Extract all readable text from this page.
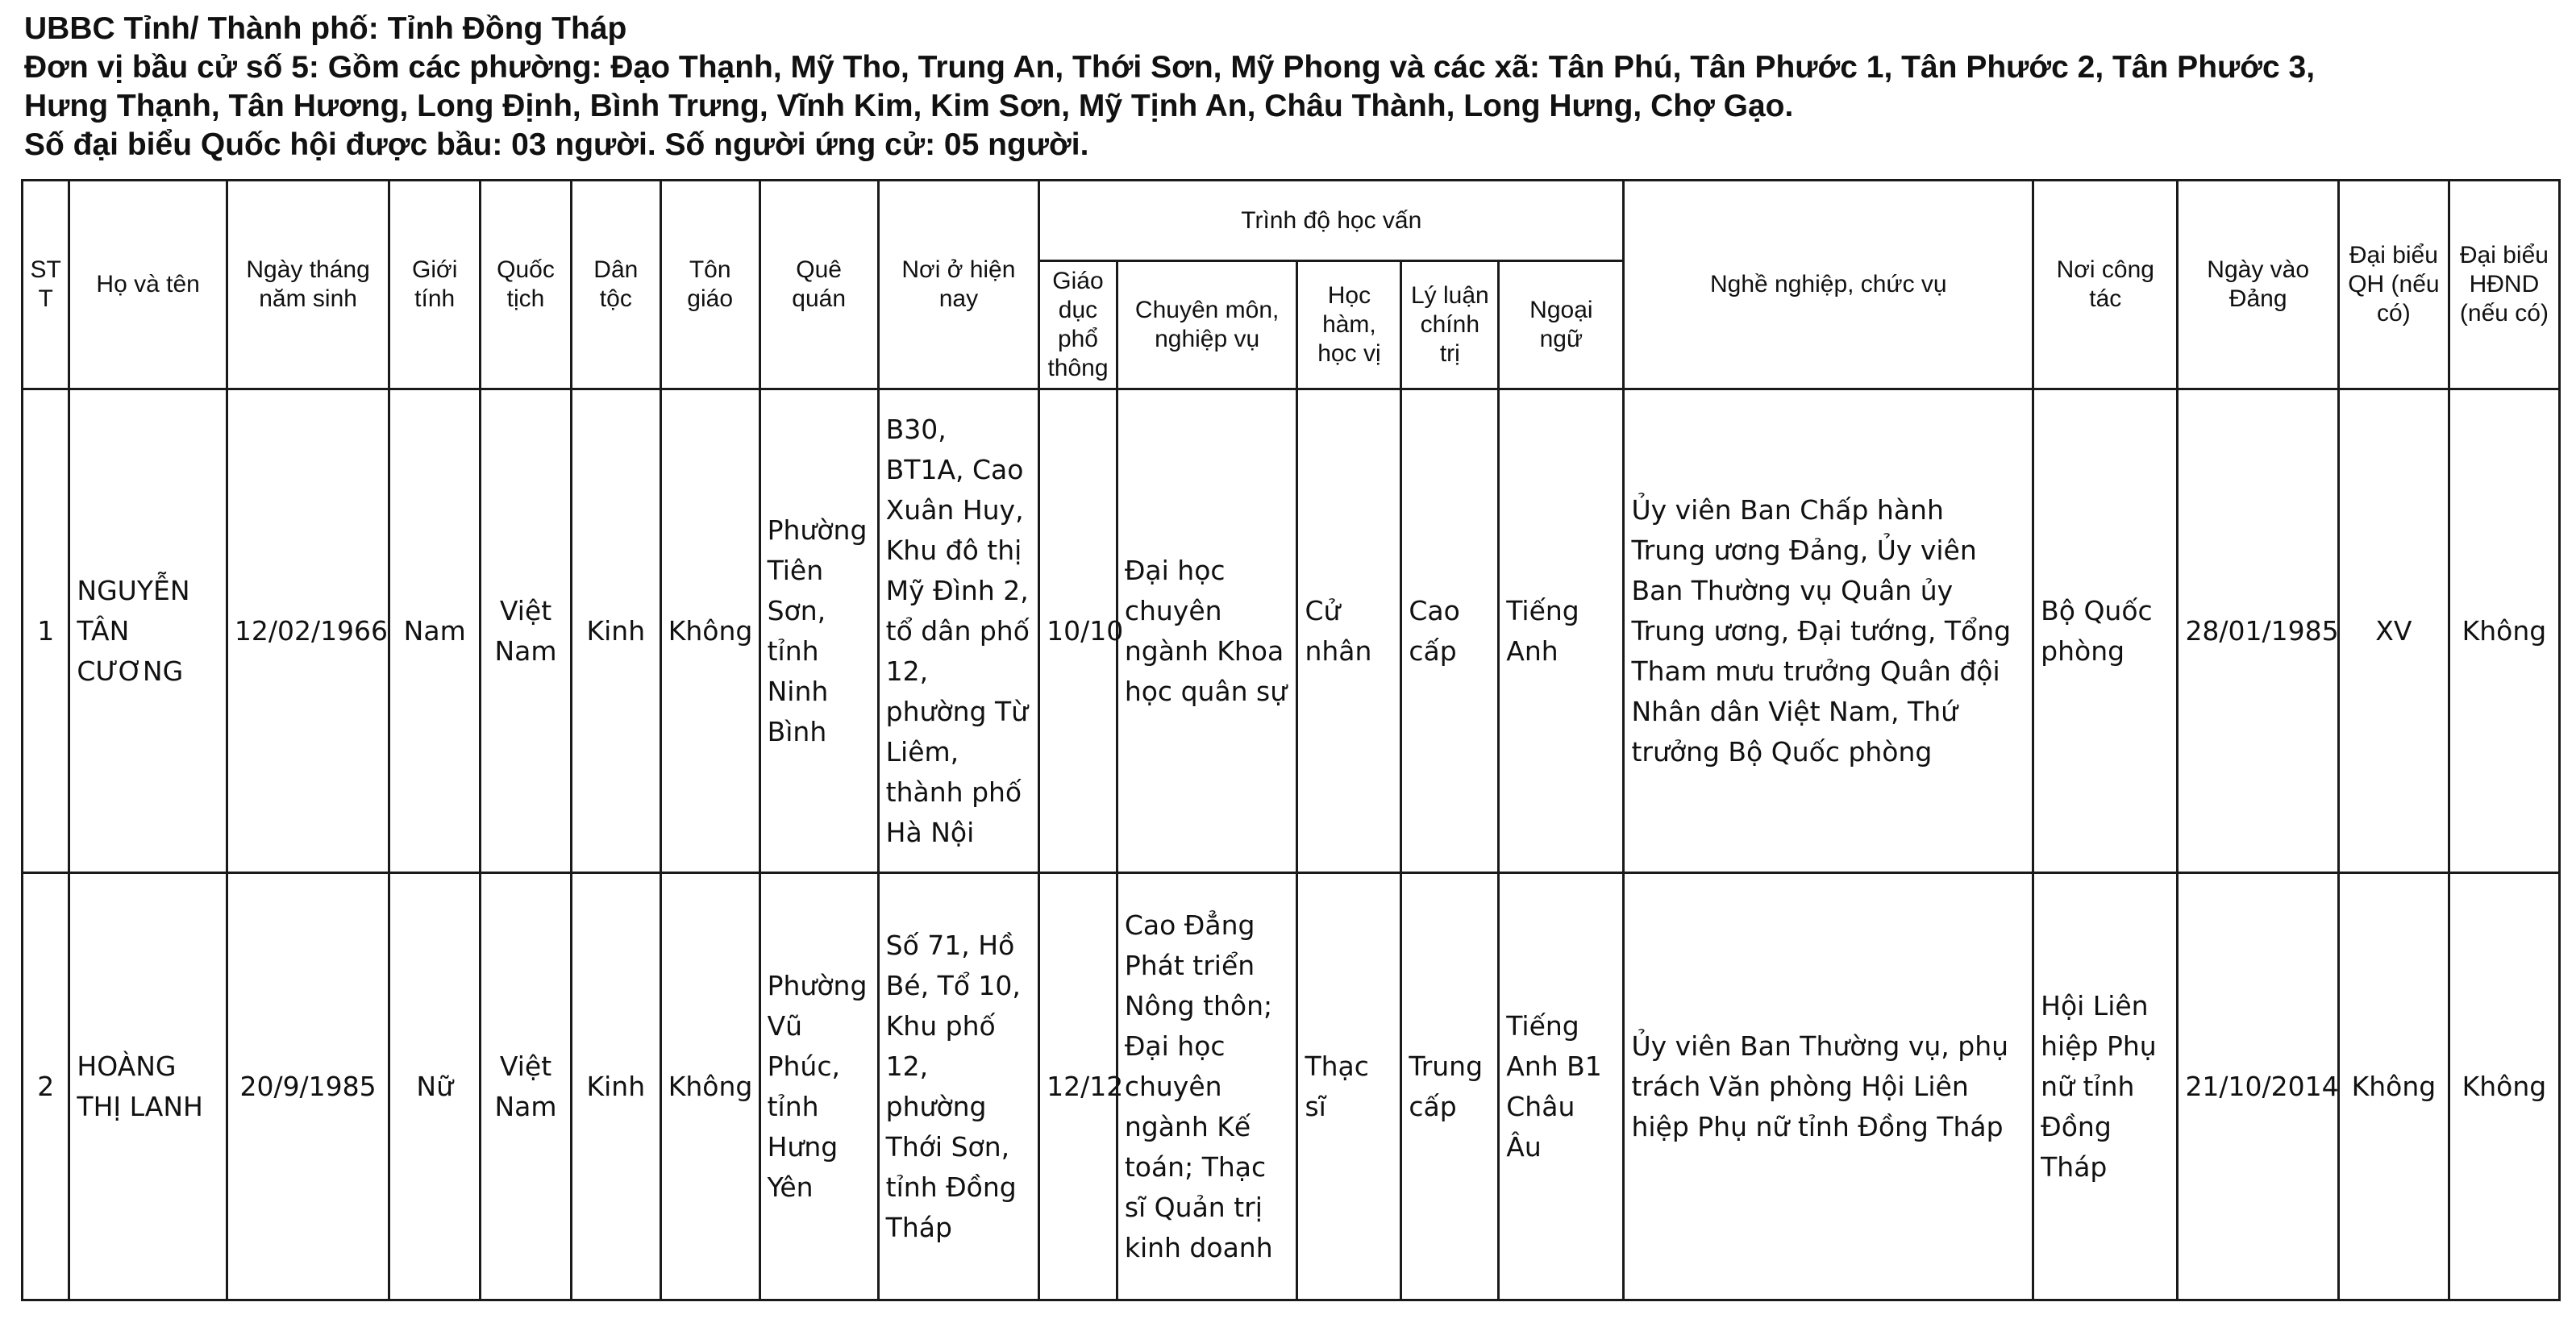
UBBC Tỉnh/ Thành phố: Tỉnh Đồng Tháp
Đơn vị bầu cử số 5: Gồm các phường: Đạo Thạnh, Mỹ Tho, Trung An, Thới Sơn, Mỹ Phong và các xã: Tân Phú, Tân Phước 1, Tân Phước 2, Tân Phước 3,
Hưng Thạnh, Tân Hương, Long Định, Bình Trưng, Vĩnh Kim, Kim Sơn, Mỹ Tịnh An, Châu Thành, Long Hưng, Chợ Gạo.
Số đại biểu Quốc hội được bầu: 03 người. Số người ứng cử: 05 người.
ST T	Họ và tên	Ngày tháng năm sinh	Giới tính	Quốc tịch	Dân tộc	Tôn giáo	Quê quán	Nơi ở hiện nay	Trình độ học vấn					Nghề nghiệp, chức vụ	Nơi công tác	Ngày vào Đảng	Đại biểu QH (nếu có)	Đại biểu HĐND (nếu có)
									Giáo dục phổ thông	Chuyên môn, nghiệp vụ	Học hàm, học vị	Lý luận chính trị	Ngoại ngữ					
1	NGUYỄN TÂN CƯƠNG	12/02/1966	Nam	Việt Nam	Kinh	Không	Phường Tiên Sơn, tỉnh Ninh Bình	B30, BT1A, Cao Xuân Huy, Khu đô thị Mỹ Đình 2, tổ dân phố 12, phường Từ Liêm, thành phố Hà Nội	10/10	Đại học chuyên ngành Khoa học quân sự	Cử nhân	Cao cấp	Tiếng Anh	Ủy viên Ban Chấp hành Trung ương Đảng, Ủy viên Ban Thường vụ Quân ủy Trung ương, Đại tướng, Tổng Tham mưu trưởng Quân đội Nhân dân Việt Nam, Thứ trưởng Bộ Quốc phòng	Bộ Quốc phòng	28/01/1985	XV	Không
2	HOÀNG THỊ LANH	20/9/1985	Nữ	Việt Nam	Kinh	Không	Phường Vũ Phúc, tỉnh Hưng Yên	Số 71, Hồ Bé, Tổ 10, Khu phố 12, phường Thới Sơn, tỉnh Đồng Tháp	12/12	Cao Đẳng Phát triển Nông thôn; Đại học chuyên ngành Kế toán; Thạc sĩ Quản trị kinh doanh	Thạc sĩ	Trung cấp	Tiếng Anh B1 Châu Âu	Ủy viên Ban Thường vụ, phụ trách Văn phòng Hội Liên hiệp Phụ nữ tỉnh Đồng Tháp	Hội Liên hiệp Phụ nữ tỉnh Đồng Tháp	21/10/2014	Không	Không
